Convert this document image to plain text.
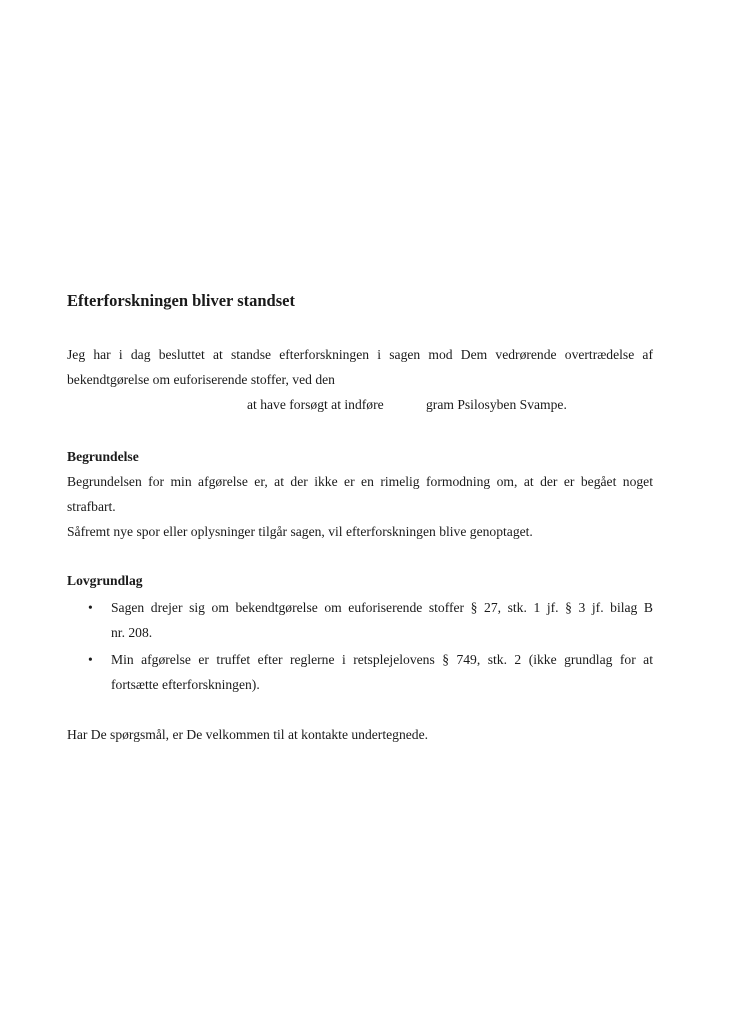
Efterforskningen bliver standset
Jeg har i dag besluttet at standse efterforskningen i sagen mod Dem vedrørende overtrædelse af
bekendtgørelse om euforiserende stoffer, ved den
at have forsøgt at indføre	gram Psilosyben Svampe.
Begrundelse
Begrundelsen for min afgørelse er, at der ikke er en rimelig formodning om, at der er begået noget
strafbart.
Såfremt nye spor eller oplysninger tilgår sagen, vil efterforskningen blive genoptaget.
Lovgrundlag
• Sagen drejer sig om bekendtgørelse om euforiserende stoffer § 27, stk. 1 jf. § 3 jf. bilag B
nr. 208.
• Min afgørelse er truffet efter reglerne i retsplejelovens § 749, stk. 2 (ikke grundlag for at
fortsætte efterforskningen).

Har De spørgsmål, er De velkommen til at kontakte undertegnede.
